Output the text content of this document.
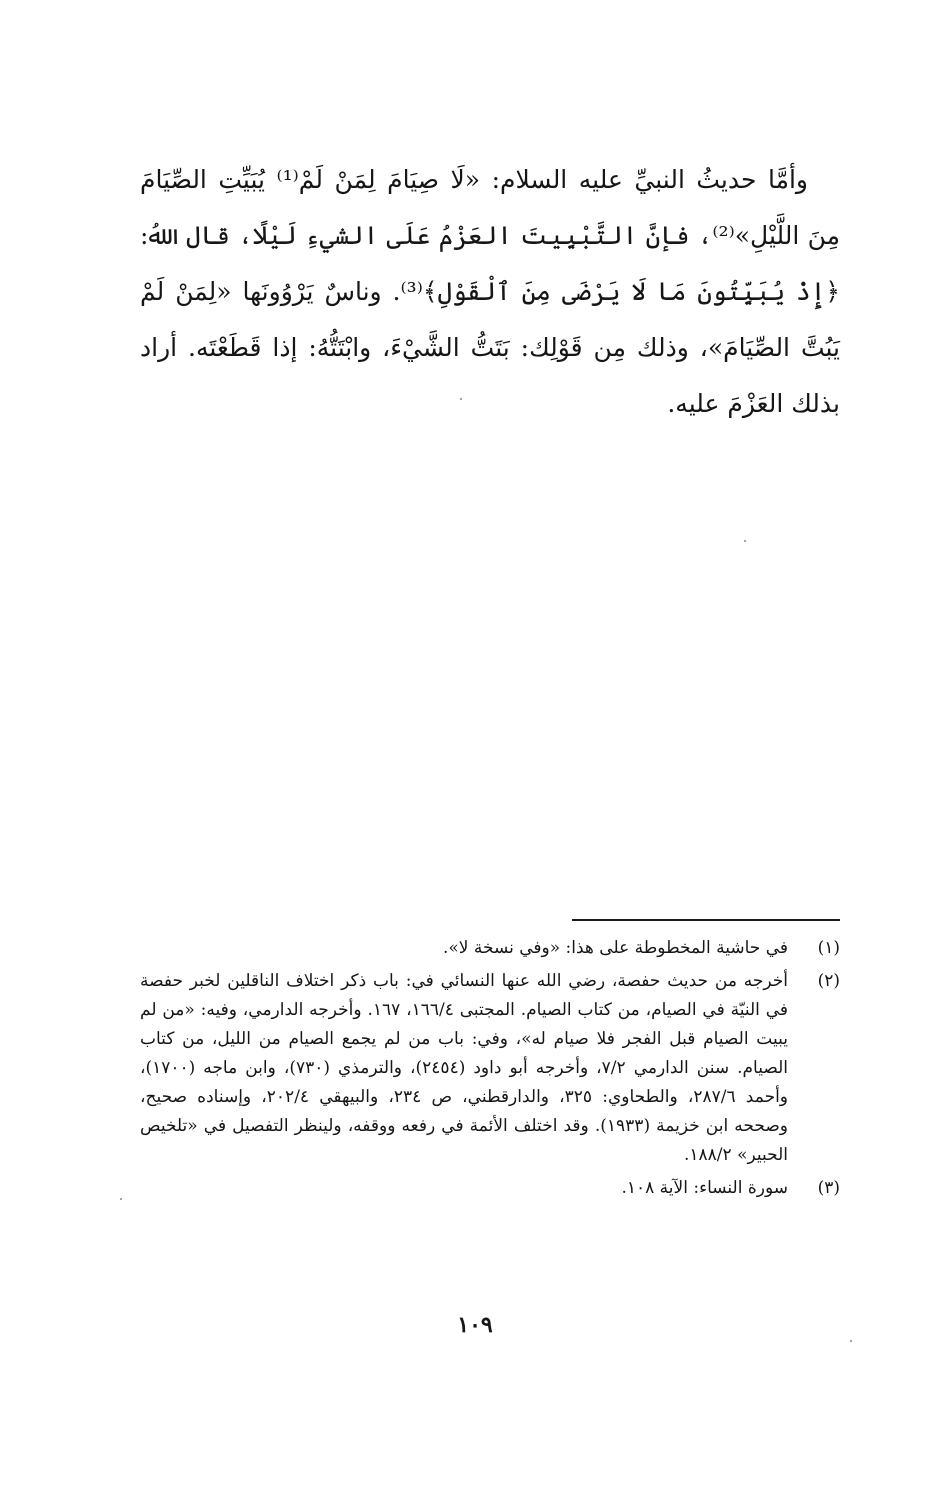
وأمَّا حديثُ النبيِّ عليه السلام: «لَا صِيَامَ لِمَنْ لَمْ⁽¹⁾ يُبَيِّتِ الصِّيَامَ مِنَ اللَّيْلِ»⁽²⁾، فإنَّ التَّبْيِيتَ العَزْمُ عَلَى الشيءِ لَيْلًا، قال اللهُ: ﴿إِذْ يُبَيِّتُونَ مَا لَا يَرْضَى مِنَ ٱلْقَوْلِ﴾⁽³⁾. وناسٌ يَرْوُونَها «لِمَنْ لَمْ يَبُتَّ الصِّيَامَ»، وذلك مِن قَوْلِك: بَتَتُّ الشَّيْءَ، وابْتَتُّهُ: إذا قَطَعْتَه. أراد بذلك العَزْمَ عليه.

(١)
في حاشية المخطوطة على هذا: «وفي نسخة لا».
(٢)
أخرجه من حديث حفصة، رضي الله عنها النسائي في: باب ذكر اختلاف الناقلين لخبر حفصة في النيّة في الصيام، من كتاب الصيام. المجتبى ١٦٦/٤، ١٦٧. وأخرجه الدارمي، وفيه: «من لم يبيت الصيام قبل الفجر فلا صيام له»، وفي: باب من لم يجمع الصيام من الليل، من كتاب الصيام. سنن الدارمي ٧/٢، وأخرجه أبو داود (٢٤٥٤)، والترمذي (٧٣٠)، وابن ماجه (١٧٠٠)، وأحمد ٢٨٧/٦، والطحاوي: ٣٢٥، والدارقطني، ص ٢٣٤، والبيهقي ٢٠٢/٤، وإسناده صحيح، وصححه ابن خزيمة (١٩٣٣). وقد اختلف الأئمة في رفعه ووقفه، ولينظر التفصيل في «تلخيص الحبير» ١٨٨/٢.
(٣)
سورة النساء: الآية ١٠٨.
١٠٩
